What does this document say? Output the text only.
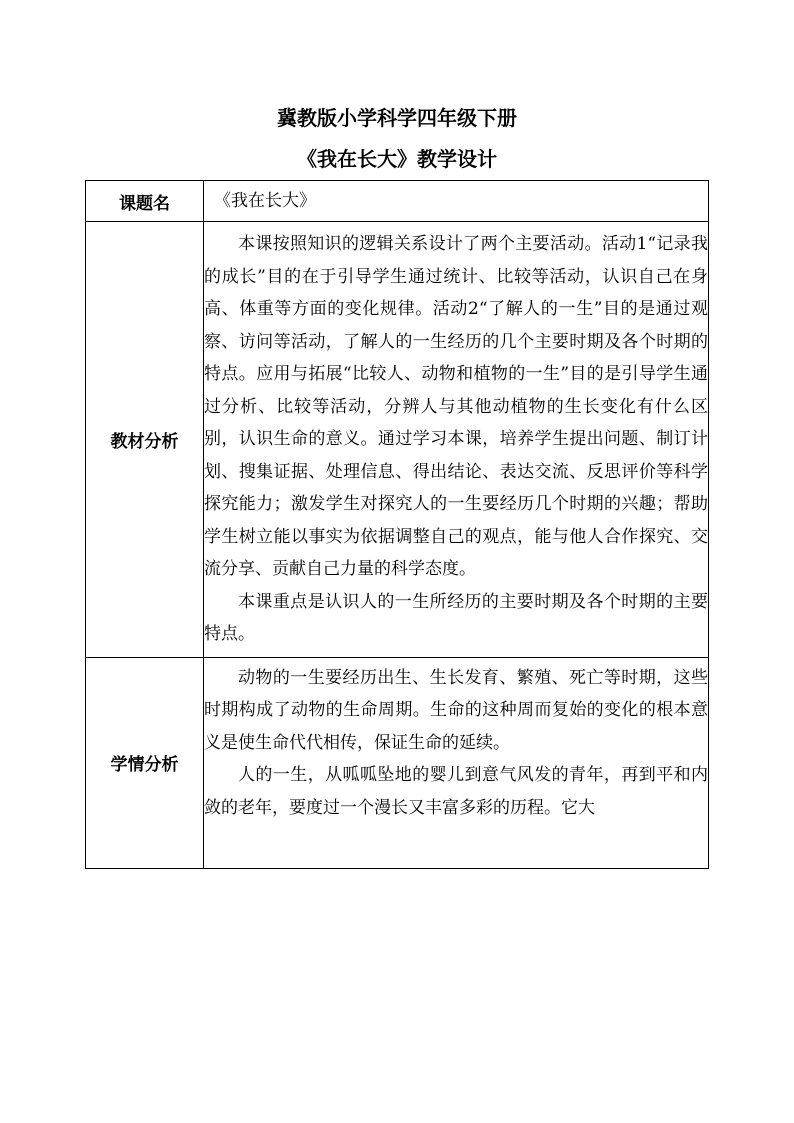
冀教版小学科学四年级下册
《我在长大》教学设计
课题名	《我在长大》
教材分析	本课按照知识的逻辑关系设计了两个主要活动。活动1“记录我的成长”目的在于引导学生通过统计、比较等活动，认识自己在身高、体重等方面的变化规律。活动2“了解人的一生”目的是通过观察、访问等活动，了解人的一生经历的几个主要时期及各个时期的特点。应用与拓展“比较人、动物和植物的一生”目的是引导学生通过分析、比较等活动，分辨人与其他动植物的生长变化有什么区别，认识生命的意义。通过学习本课，培养学生提出问题、制订计划、搜集证据、处理信息、得出结论、表达交流、反思评价等科学探究能力；激发学生对探究人的一生要经历几个时期的兴趣；帮助学生树立能以事实为依据调整自己的观点，能与他人合作探究、交流分享、贡献自己力量的科学态度。

本课重点是认识人的一生所经历的主要时期及各个时期的主要特点。

学情分析	动物的一生要经历出生、生长发育、繁殖、死亡等时期，这些时期构成了动物的生命周期。生命的这种周而复始的变化的根本意义是使生命代代相传，保证生命的延续。

人的一生，从呱呱坠地的婴儿到意气风发的青年，再到平和内敛的老年，要度过一个漫长又丰富多彩的历程。它大
